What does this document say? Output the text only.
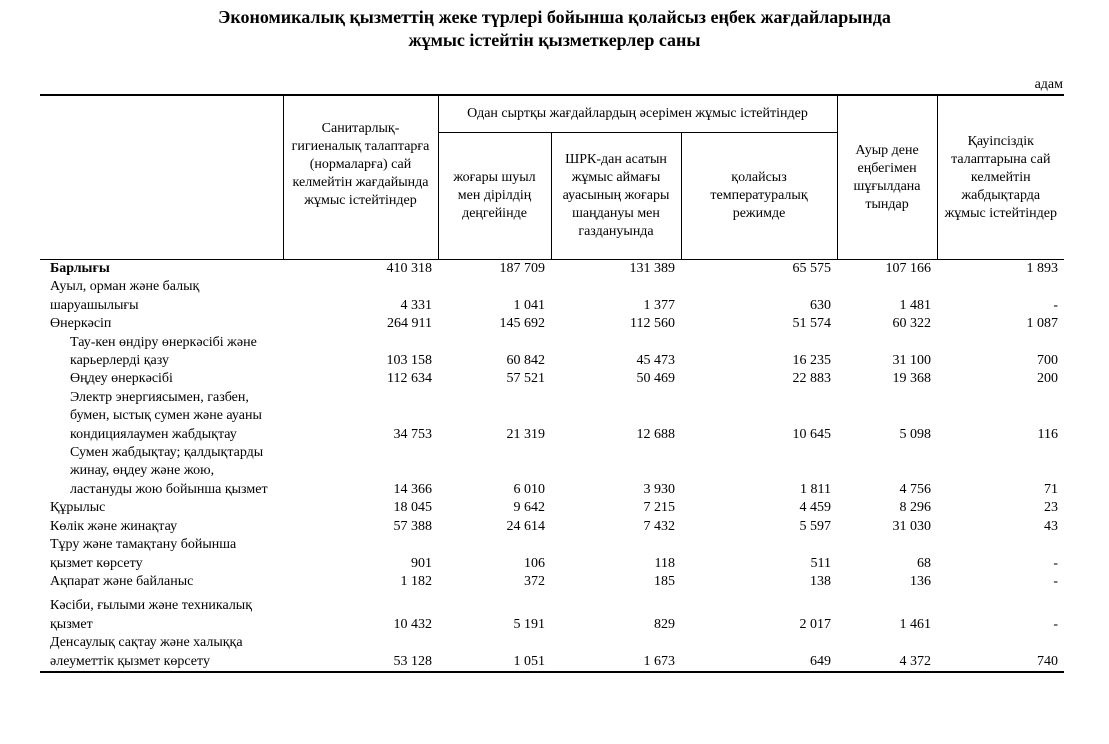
Экономикалық қызметтің жеке түрлері бойынша қолайсыз еңбек жағдайларында
жұмыс істейтін қызметкерлер саны
адам
	Санитарлық-гигиеналық талаптарға (нормаларға) сай келмейтін жағдайында жұмыс істейтіндер	Одан сыртқы жағдайлардың әсерімен жұмыс істейтіндер			Ауыр дене еңбегімен шұғылдана тындар	Қауіпсіздік талаптарына сай келмейтін жабдықтарда жұмыс істейтіндер
		жоғары шуыл мен дірілдің деңгейінде	ШРК-дан асатын жұмыс аймағы ауасының жоғары шаңдануы мен газдануында	қолайсыз температуралық режимде		
Барлығы	410 318	187 709	131 389	65 575	107 166	1 893
Ауыл, орман және балық шаруашылығы	4 331	1 041	1 377	630	1 481	-
Өнеркәсіп	264 911	145 692	112 560	51 574	60 322	1 087
Тау-кен өндіру өнеркәсібі және карьерлерді қазу	103 158	60 842	45 473	16 235	31 100	700
Өңдеу өнеркәсібі	112 634	57 521	50 469	22 883	19 368	200
Электр энергиясымен, газбен, бумен, ыстық сумен және ауаны кондициялаумен жабдықтау	34 753	21 319	12 688	10 645	5 098	116
Сумен жабдықтау; қалдықтарды жинау, өңдеу және жою, ластануды жою бойынша қызмет	14 366	6 010	3 930	1 811	4 756	71
Құрылыс	18 045	9 642	7 215	4 459	8 296	23
Көлік және жинақтау	57 388	24 614	7 432	5 597	31 030	43
Тұру және тамақтану бойынша қызмет көрсету	901	106	118	511	68	-
Ақпарат және байланыс	1 182	372	185	138	136	-
Кәсіби, ғылыми және техникалық қызмет	10 432	5 191	829	2 017	1 461	-
Денсаулық сақтау және халыққа әлеуметтік қызмет көрсету	53 128	1 051	1 673	649	4 372	740
